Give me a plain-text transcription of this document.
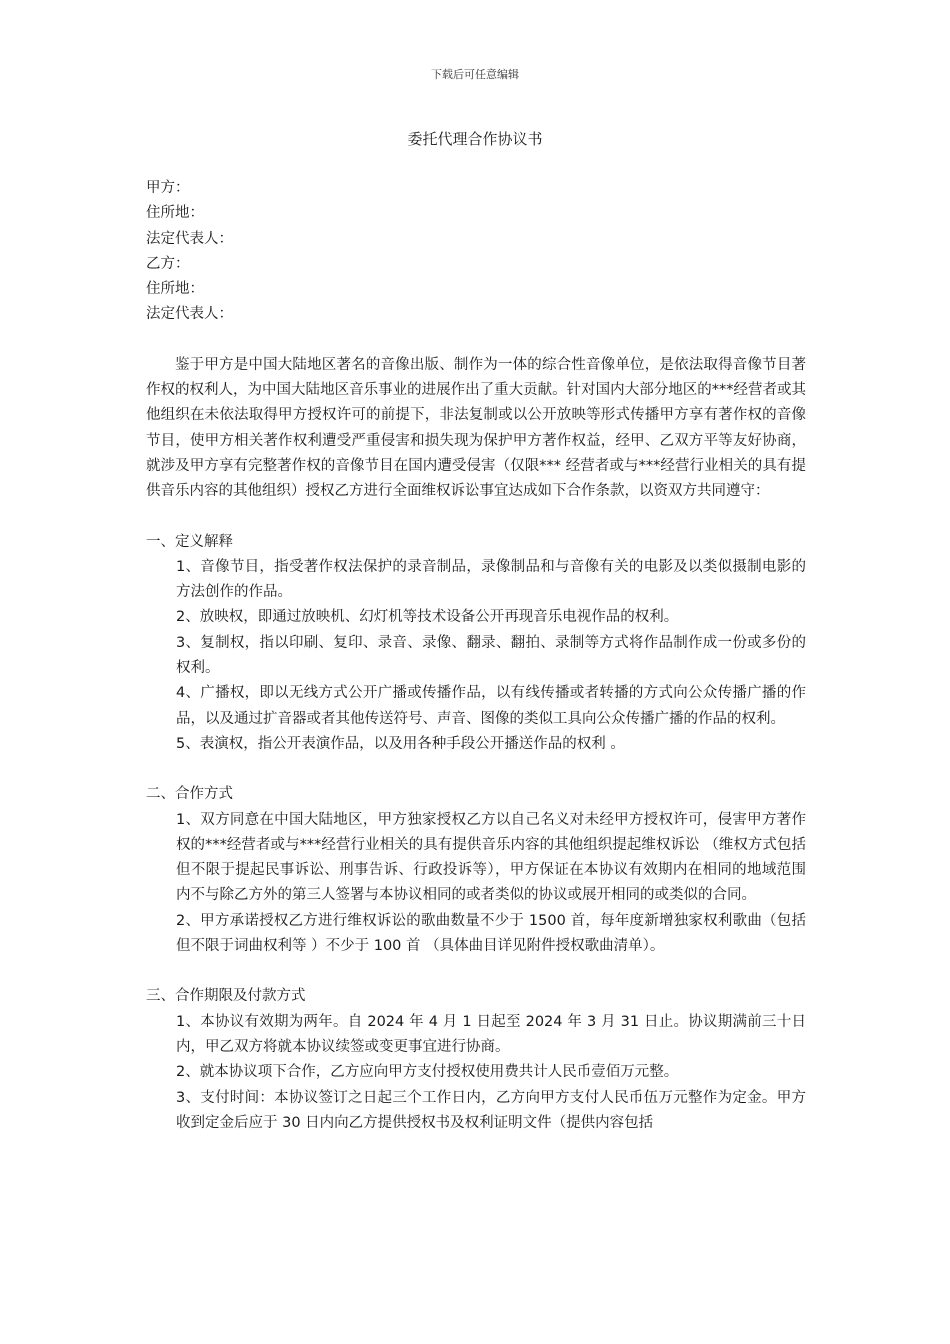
下载后可任意编辑
委托代理合作协议书
甲方：
住所地：
法定代表人：
乙方：
住所地：
法定代表人：

鉴于甲方是中国大陆地区著名的音像出版、制作为一体的综合性音像单位，是依法取得音像节目著作权的权利人，为中国大陆地区音乐事业的进展作出了重大贡献。针对国内大部分地区的***经营者或其他组织在未依法取得甲方授权许可的前提下，非法复制或以公开放映等形式传播甲方享有著作权的音像节目，使甲方相关著作权利遭受严重侵害和损失现为保护甲方著作权益，经甲、乙双方平等友好协商，就涉及甲方享有完整著作权的音像节目在国内遭受侵害（仅限*** 经营者或与***经营行业相关的具有提供音乐内容的其他组织）授权乙方进行全面维权诉讼事宜达成如下合作条款，以资双方共同遵守：

一、定义解释
1、音像节目，指受著作权法保护的录音制品，录像制品和与音像有关的电影及以类似摄制电影的方法创作的作品。
2、放映权，即通过放映机、幻灯机等技术设备公开再现音乐电视作品的权利。
3、复制权，指以印刷、复印、录音、录像、翻录、翻拍、录制等方式将作品制作成一份或多份的权利。
4、广播权，即以无线方式公开广播或传播作品，以有线传播或者转播的方式向公众传播广播的作品，以及通过扩音器或者其他传送符号、声音、图像的类似工具向公众传播广播的作品的权利。
5、表演权，指公开表演作品，以及用各种手段公开播送作品的权利 。
二、合作方式
1、双方同意在中国大陆地区，甲方独家授权乙方以自己名义对未经甲方授权许可，侵害甲方著作权的***经营者或与***经营行业相关的具有提供音乐内容的其他组织提起维权诉讼 （维权方式包括但不限于提起民事诉讼、刑事告诉、行政投诉等），甲方保证在本协议有效期内在相同的地域范围内不与除乙方外的第三人签署与本协议相同的或者类似的协议或展开相同的或类似的合同。
2、甲方承诺授权乙方进行维权诉讼的歌曲数量不少于 1500 首，每年度新增独家权利歌曲（包括但不限于词曲权利等 ）不少于 100 首 （具体曲目详见附件授权歌曲清单）。
三、合作期限及付款方式
1、本协议有效期为两年。自 2024 年 4 月 1 日起至 2024 年 3 月 31 日止。协议期满前三十日内，甲乙双方将就本协议续签或变更事宜进行协商。
2、就本协议项下合作，乙方应向甲方支付授权使用费共计人民币壹佰万元整。
3、支付时间：本协议签订之日起三个工作日内，乙方向甲方支付人民币伍万元整作为定金。甲方收到定金后应于 30 日内向乙方提供授权书及权利证明文件（提供内容包括
